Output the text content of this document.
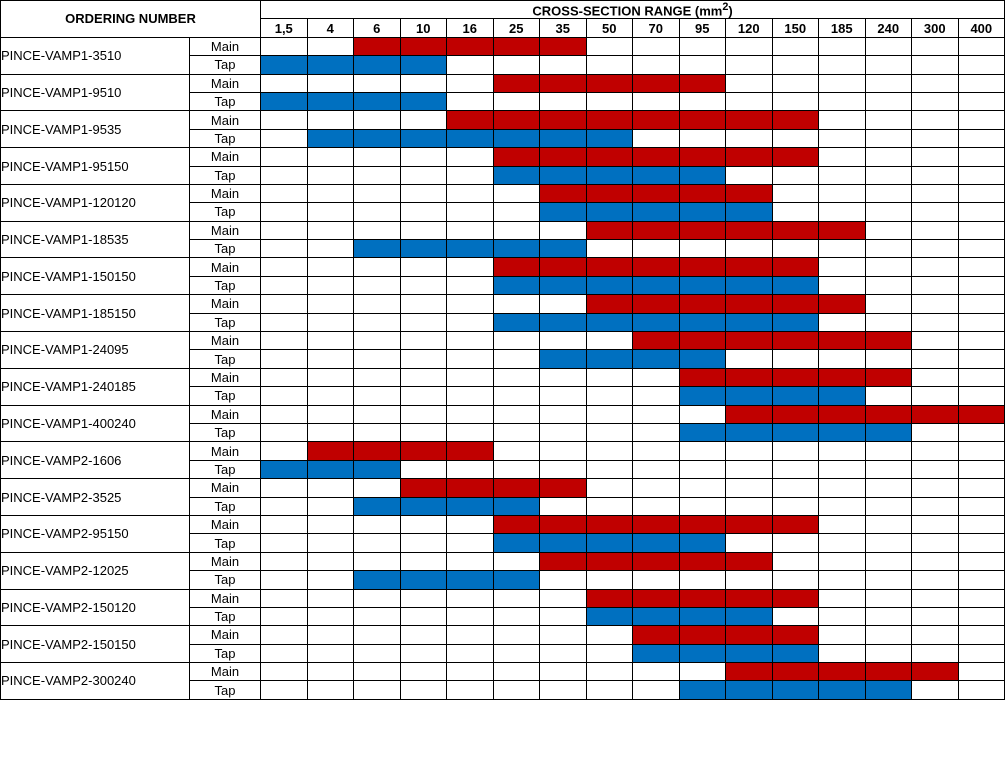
ORDERING NUMBER		CROSS-SECTION RANGE $(mm^2)$															
		1,5	4	6	10	16	25	35	50	70	95	120	150	185	240	300	400
PINCE-VAMP1-3510	Main																
	Tap																
PINCE-VAMP1-9510	Main																
	Tap																
PINCE-VAMP1-9535	Main																
	Tap																
PINCE-VAMP1-95150	Main																
	Tap																
PINCE-VAMP1-120120	Main																
	Tap																
PINCE-VAMP1-18535	Main																
	Tap																
PINCE-VAMP1-150150	Main																
	Tap																
PINCE-VAMP1-185150	Main																
	Tap																
PINCE-VAMP1-24095	Main																
	Tap																
PINCE-VAMP1-240185	Main																
	Tap																
PINCE-VAMP1-400240	Main																
	Tap																
PINCE-VAMP2-1606	Main																
	Tap																
PINCE-VAMP2-3525	Main																
	Tap																
PINCE-VAMP2-95150	Main																
	Tap																
PINCE-VAMP2-12025	Main																
	Tap																
PINCE-VAMP2-150120	Main																
	Tap																
PINCE-VAMP2-150150	Main																
	Tap																
PINCE-VAMP2-300240	Main																
	Tap																
